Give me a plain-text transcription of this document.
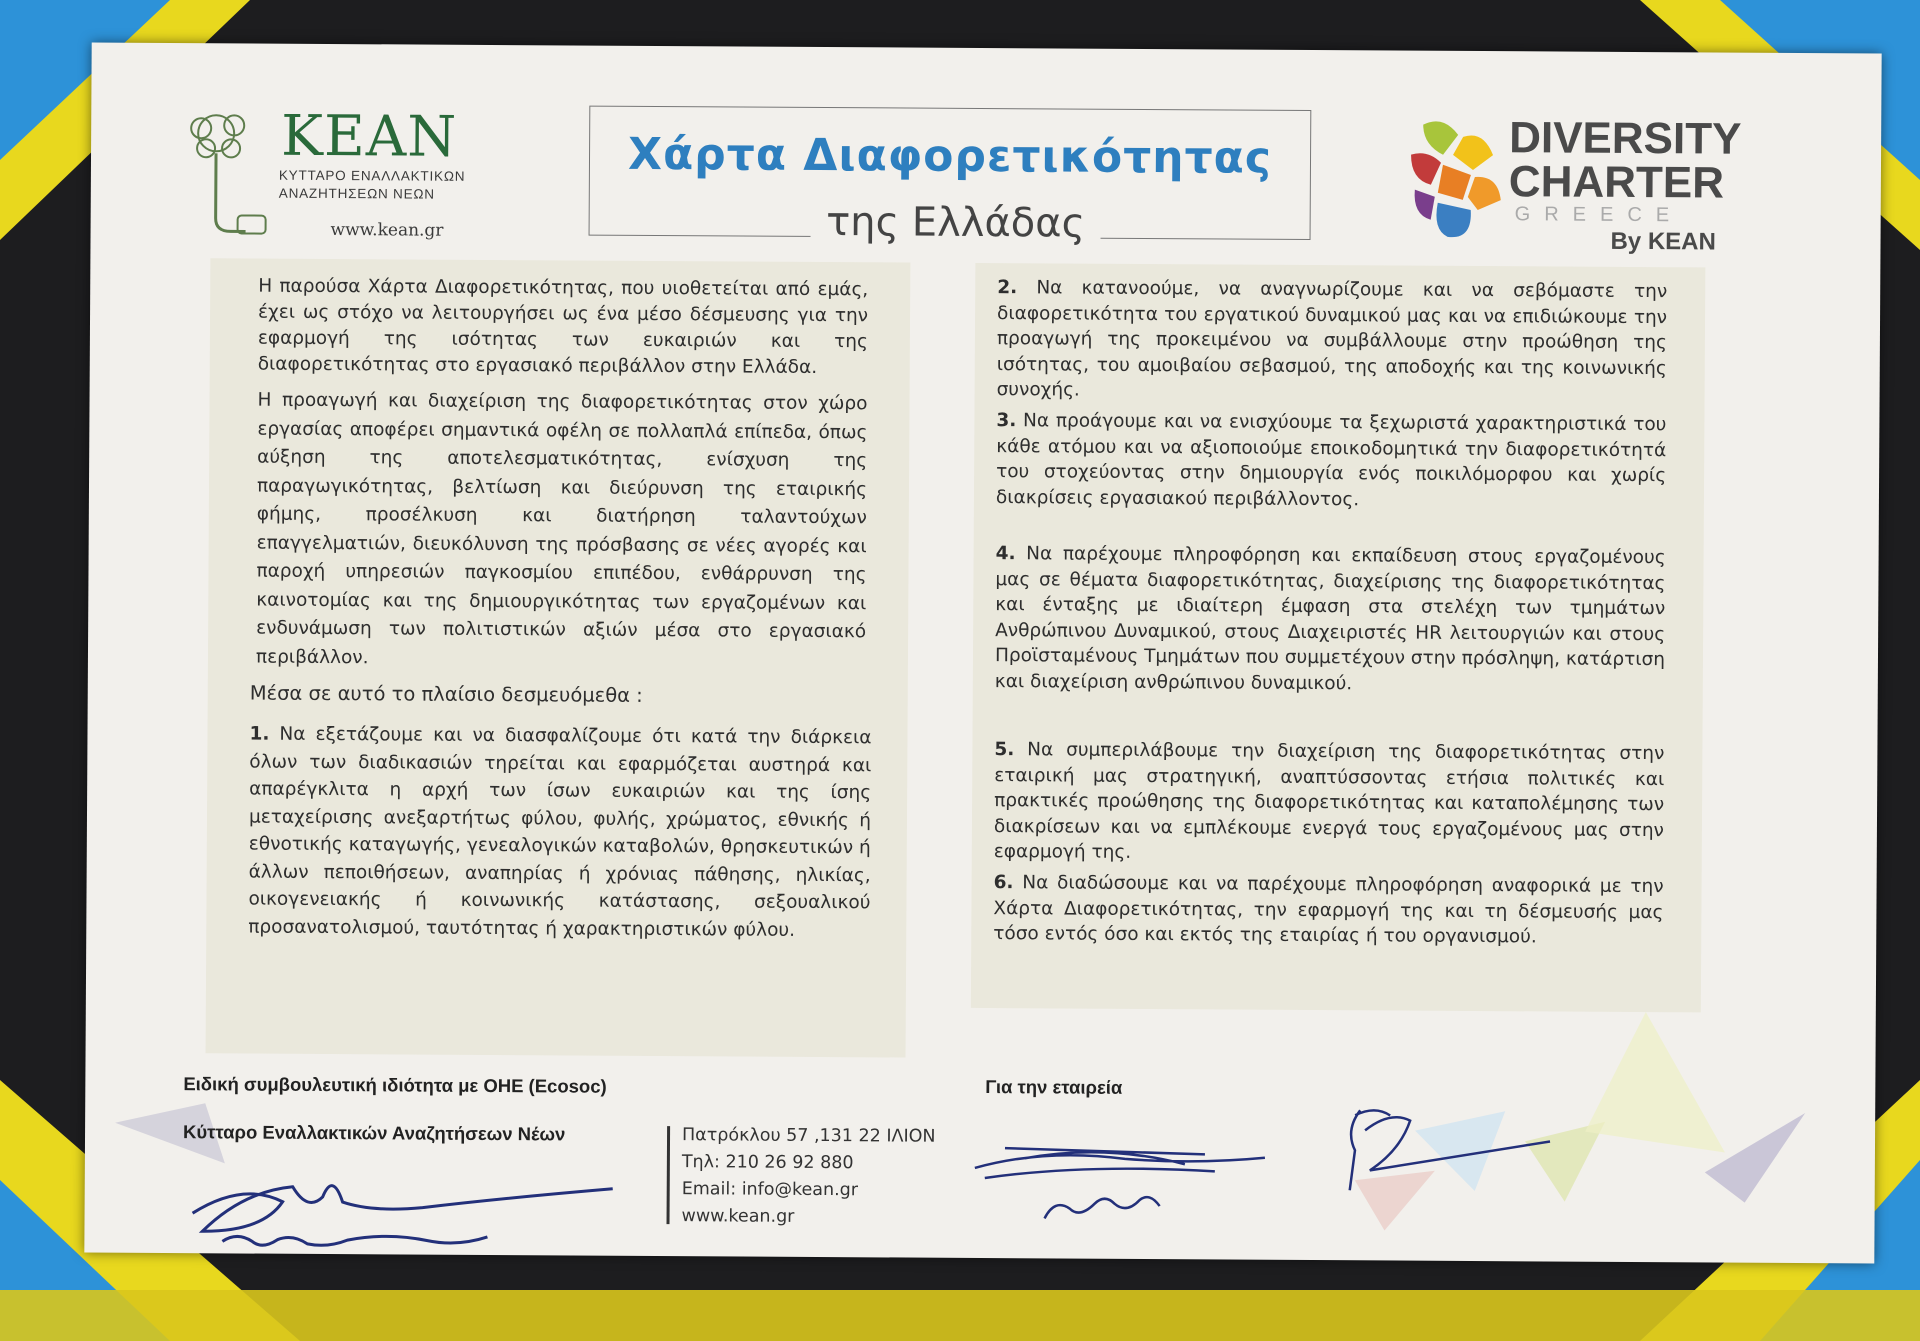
KEAN
ΚΥΤΤΑΡΟ ΕΝΑΛΛΑΚΤΙΚΩΝ
ΑΝΑΖΗΤΗΣΕΩΝ ΝΕΩΝ
www.kean.gr
Χάρτα Διαφορετικότητας
της Ελλάδας
DIVERSITY
CHARTER
GREECE
By KEAN

Η παρούσα Χάρτα Διαφορετικότητας, που υιοθετείται από εμάς, έχει ως στόχο να λειτουργήσει ως ένα μέσο δέσμευσης για την εφαρμογή της ισότητας των ευκαιριών και της διαφορετικότητας στο εργασιακό περιβάλλον στην Ελλάδα.

Η προαγωγή και διαχείριση της διαφορετικότητας στον χώρο εργασίας αποφέρει σημαντικά οφέλη σε πολλαπλά επίπεδα, όπως αύξηση της αποτελεσματικότητας, ενίσχυση της παραγωγικότητας, βελτίωση και διεύρυνση της εταιρικής φήμης, προσέλκυση και διατήρηση ταλαντούχων επαγγελματιών, διευκόλυνση της πρόσβασης σε νέες αγορές και παροχή υπηρεσιών παγκοσμίου επιπέδου, ενθάρρυνση της καινοτομίας και της δημιουργικότητας των εργαζομένων και ενδυνάμωση των πολιτιστικών αξιών μέσα στο εργασιακό περιβάλλον.

Μέσα σε αυτό το πλαίσιο δεσμευόμεθα :

1. Να εξετάζουμε και να διασφαλίζουμε ότι κατά την διάρκεια όλων των διαδικασιών τηρείται και εφαρμόζεται αυστηρά και απαρέγκλιτα η αρχή των ίσων ευκαιριών και της ίσης μεταχείρισης ανεξαρτήτως φύλου, φυλής, χρώματος, εθνικής ή εθνοτικής καταγωγής, γενεαλογικών καταβολών, θρησκευτικών ή άλλων πεποιθήσεων, αναπηρίας ή χρόνιας πάθησης, ηλικίας, οικογενειακής ή κοινωνικής κατάστασης, σεξουαλικού προσανατολισμού, ταυτότητας ή χαρακτηριστικών φύλου.

2. Να κατανοούμε, να αναγνωρίζουμε και να σεβόμαστε την διαφορετικότητα του εργατικού δυναμικού μας και να επιδιώκουμε την προαγωγή της προκειμένου να συμβάλλουμε στην προώθηση της ισότητας, του αμοιβαίου σεβασμού, της αποδοχής και της κοινωνικής συνοχής.

3. Να προάγουμε και να ενισχύουμε τα ξεχωριστά χαρακτηριστικά του κάθε ατόμου και να αξιοποιούμε εποικοδομητικά την διαφορετικότητά του στοχεύοντας στην δημιουργία ενός ποικιλόμορφου και χωρίς διακρίσεις εργασιακού περιβάλλοντος.

4. Να παρέχουμε πληροφόρηση και εκπαίδευση στους εργαζομένους μας σε θέματα διαφορετικότητας, διαχείρισης της διαφορετικότητας και ένταξης με ιδιαίτερη έμφαση στα στελέχη των τμημάτων Ανθρώπινου Δυναμικού, στους Διαχειριστές HR λειτουργιών και στους Προϊσταμένους Τμημάτων που συμμετέχουν στην πρόσληψη, κατάρτιση και διαχείριση ανθρώπινου δυναμικού.

5. Να συμπεριλάβουμε την διαχείριση της διαφορετικότητας στην εταιρική μας στρατηγική, αναπτύσσοντας ετήσια πολιτικές και πρακτικές προώθησης της διαφορετικότητας και καταπολέμησης των διακρίσεων και να εμπλέκουμε ενεργά τους εργαζομένους μας στην εφαρμογή της.

6. Να διαδώσουμε και να παρέχουμε πληροφόρηση αναφορικά με την Χάρτα Διαφορετικότητας, την εφαρμογή της και τη δέσμευσής μας τόσο εντός όσο και εκτός της εταιρίας ή του οργανισμού.

Ειδική συμβουλευτική ιδιότητα με ΟΗΕ (Ecosoc)
Κύτταρο Εναλλακτικών Αναζητήσεων Νέων	Πατρόκλου 57 ,131 22 ΙΛΙΟΝ
Τηλ: 210 26 92 880
Email: info@kean.gr
www.kean.gr
Για την εταιρεία
